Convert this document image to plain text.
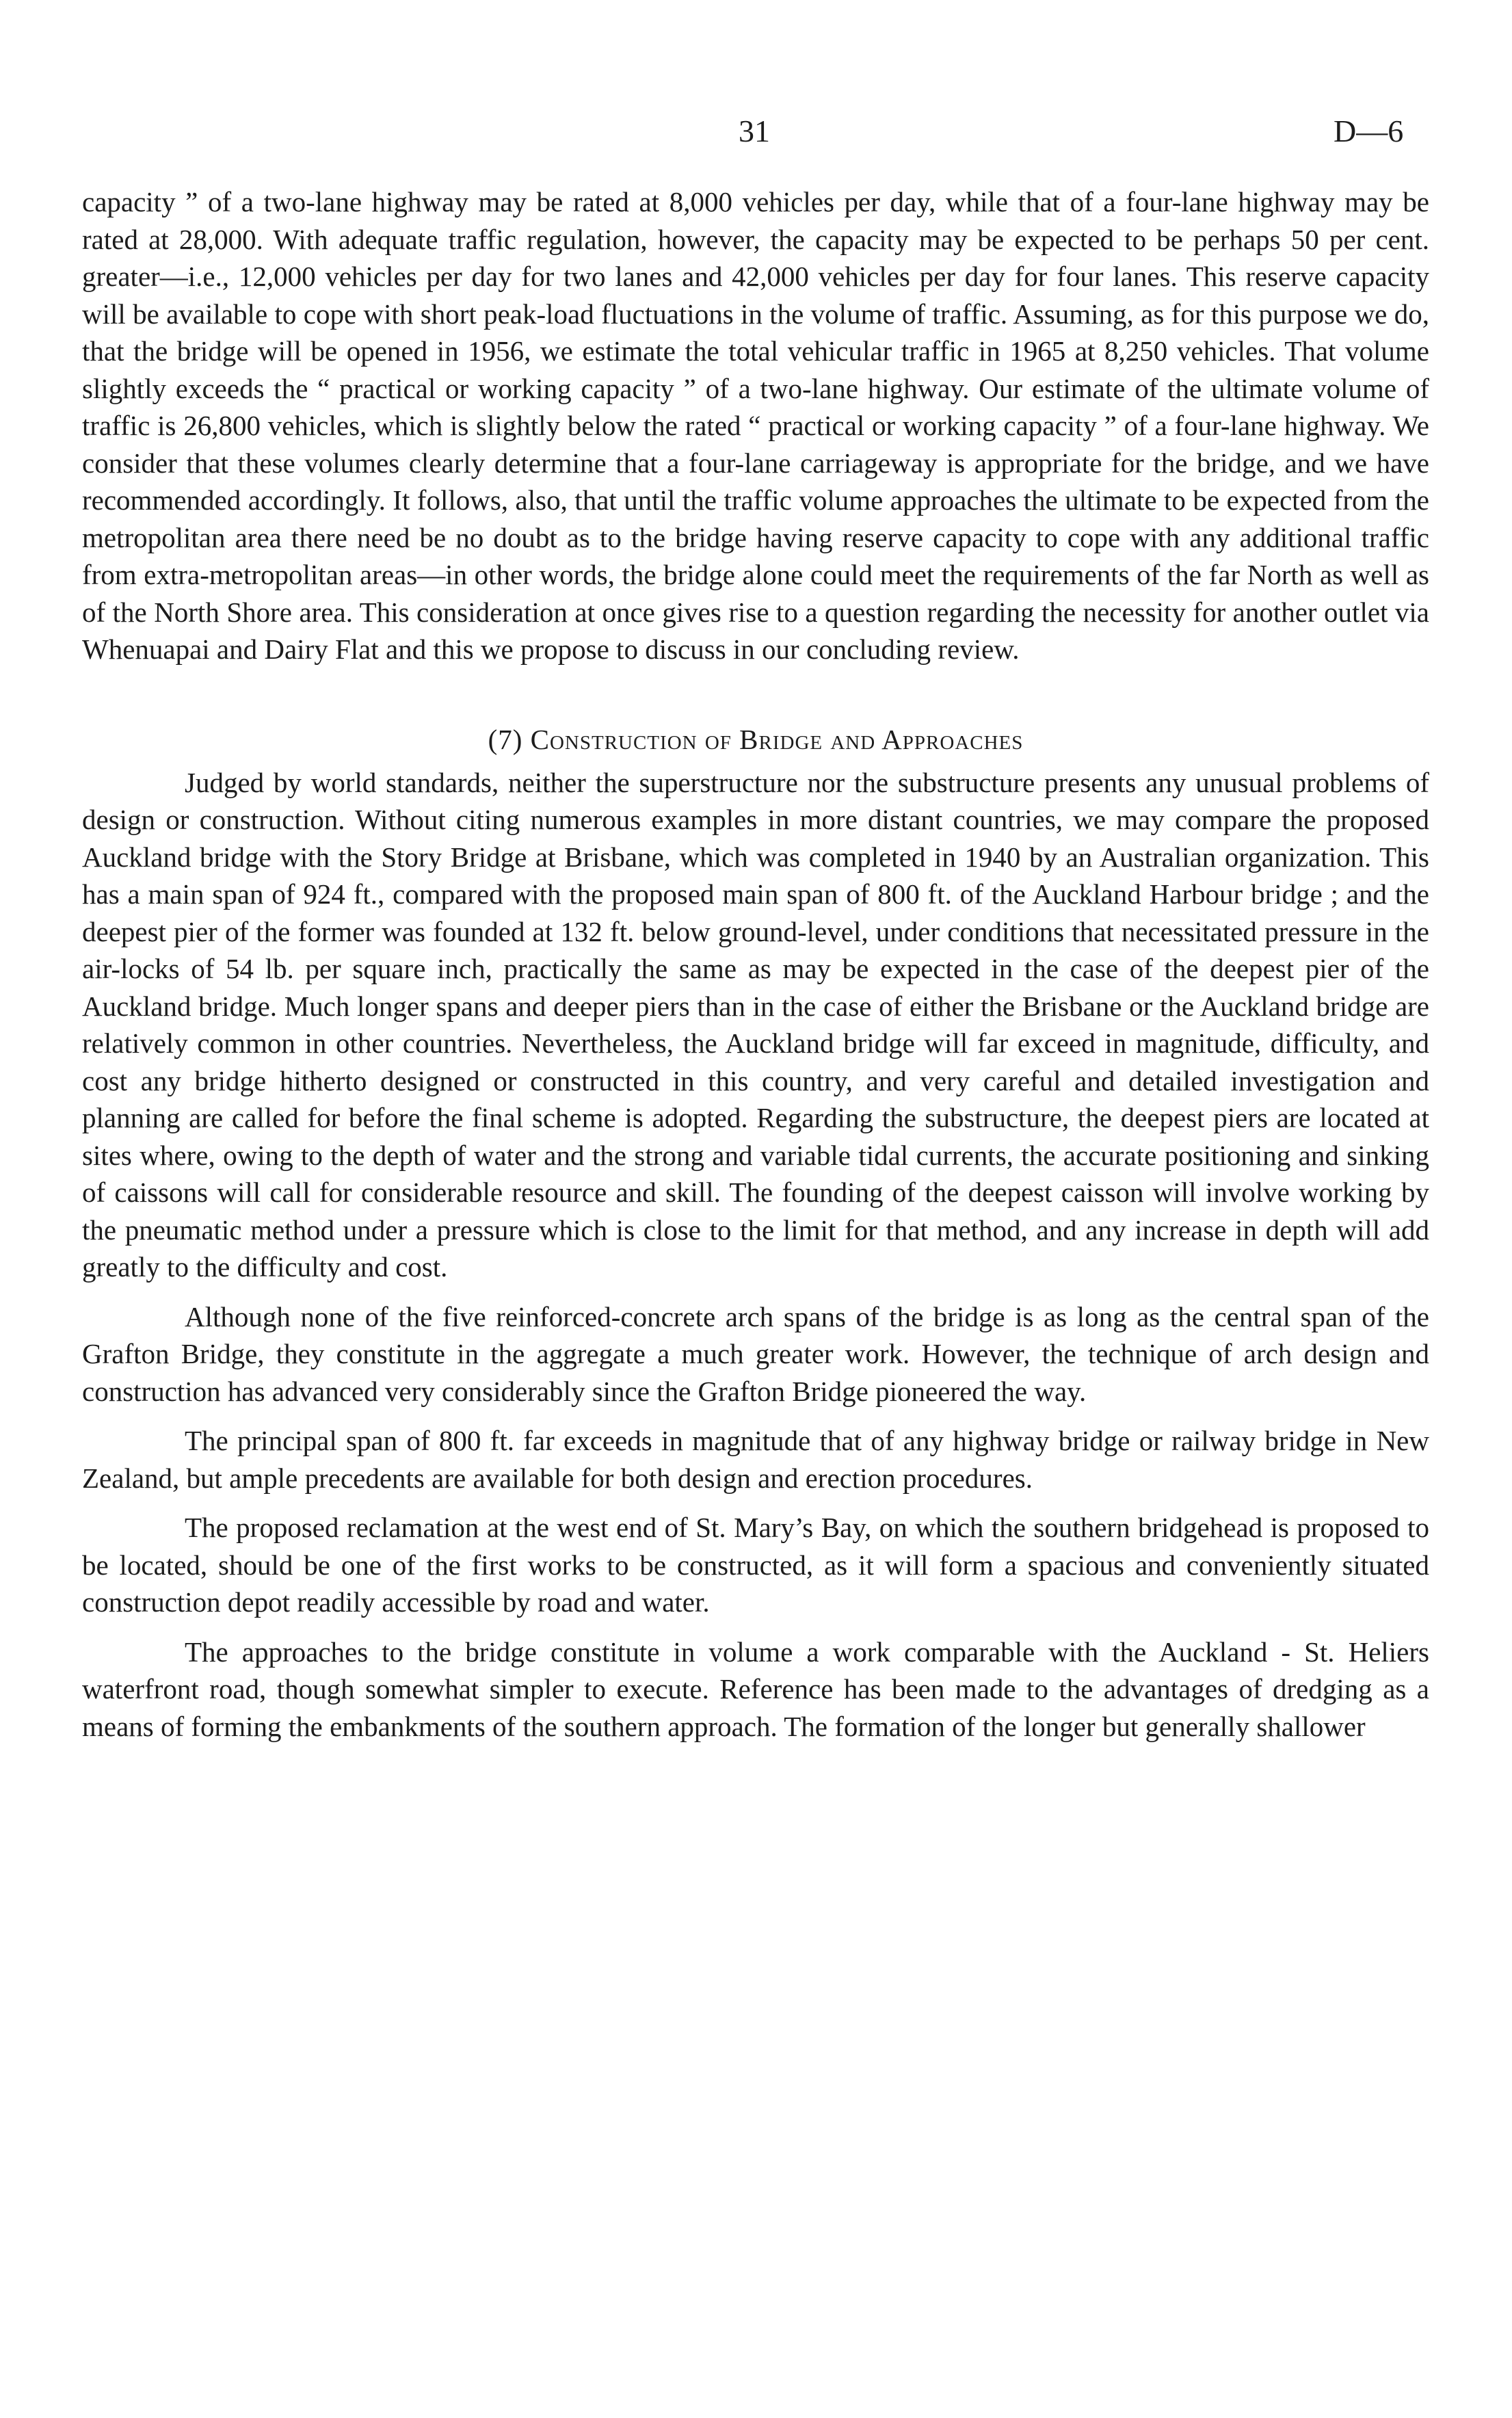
31	D—6

capacity ” of a two-lane highway may be rated at 8,000 vehicles per day, while that of a four-lane highway may be rated at 28,000. With adequate traffic regulation, however, the capacity may be expected to be perhaps 50 per cent. greater—i.e., 12,000 vehicles per day for two lanes and 42,000 vehicles per day for four lanes. This reserve capacity will be available to cope with short peak-load fluctuations in the volume of traffic. Assuming, as for this purpose we do, that the bridge will be opened in 1956, we estimate the total vehicular traffic in 1965 at 8,250 vehicles. That volume slightly exceeds the “ practical or working capacity ” of a two-lane highway. Our estimate of the ultimate volume of traffic is 26,800 vehicles, which is slightly below the rated “ practical or working capacity ” of a four-lane highway. We consider that these volumes clearly determine that a four-lane carriageway is appropriate for the bridge, and we have recommended accordingly. It follows, also, that until the traffic volume approaches the ultimate to be expected from the metropolitan area there need be no doubt as to the bridge having reserve capacity to cope with any additional traffic from extra-metropolitan areas—in other words, the bridge alone could meet the requirements of the far North as well as of the North Shore area. This consideration at once gives rise to a question regarding the necessity for another outlet via Whenuapai and Dairy Flat and this we propose to discuss in our concluding review.

(7) Construction of Bridge and Approaches

Judged by world standards, neither the superstructure nor the substructure presents any unusual problems of design or construction. Without citing numerous examples in more distant countries, we may compare the proposed Auckland bridge with the Story Bridge at Brisbane, which was completed in 1940 by an Australian organization. This has a main span of 924 ft., compared with the proposed main span of 800 ft. of the Auckland Harbour bridge ; and the deepest pier of the former was founded at 132 ft. below ground-level, under conditions that necessitated pressure in the air-locks of 54 lb. per square inch, practically the same as may be expected in the case of the deepest pier of the Auckland bridge. Much longer spans and deeper piers than in the case of either the Brisbane or the Auckland bridge are relatively common in other countries. Nevertheless, the Auckland bridge will far exceed in magnitude, difficulty, and cost any bridge hitherto designed or constructed in this country, and very careful and detailed investigation and planning are called for before the final scheme is adopted. Regarding the substructure, the deepest piers are located at sites where, owing to the depth of water and the strong and variable tidal currents, the accurate positioning and sinking of caissons will call for considerable resource and skill. The founding of the deepest caisson will involve working by the pneumatic method under a pressure which is close to the limit for that method, and any increase in depth will add greatly to the difficulty and cost.

Although none of the five reinforced-concrete arch spans of the bridge is as long as the central span of the Grafton Bridge, they constitute in the aggregate a much greater work. However, the technique of arch design and construction has advanced very considerably since the Grafton Bridge pioneered the way.

The principal span of 800 ft. far exceeds in magnitude that of any highway bridge or railway bridge in New Zealand, but ample precedents are available for both design and erection procedures.

The proposed reclamation at the west end of St. Mary’s Bay, on which the southern bridgehead is proposed to be located, should be one of the first works to be constructed, as it will form a spacious and conveniently situated construction depot readily accessible by road and water.

The approaches to the bridge constitute in volume a work comparable with the Auckland - St. Heliers waterfront road, though somewhat simpler to execute. Reference has been made to the advantages of dredging as a means of forming the embankments of the southern approach. The formation of the longer but generally shallower
